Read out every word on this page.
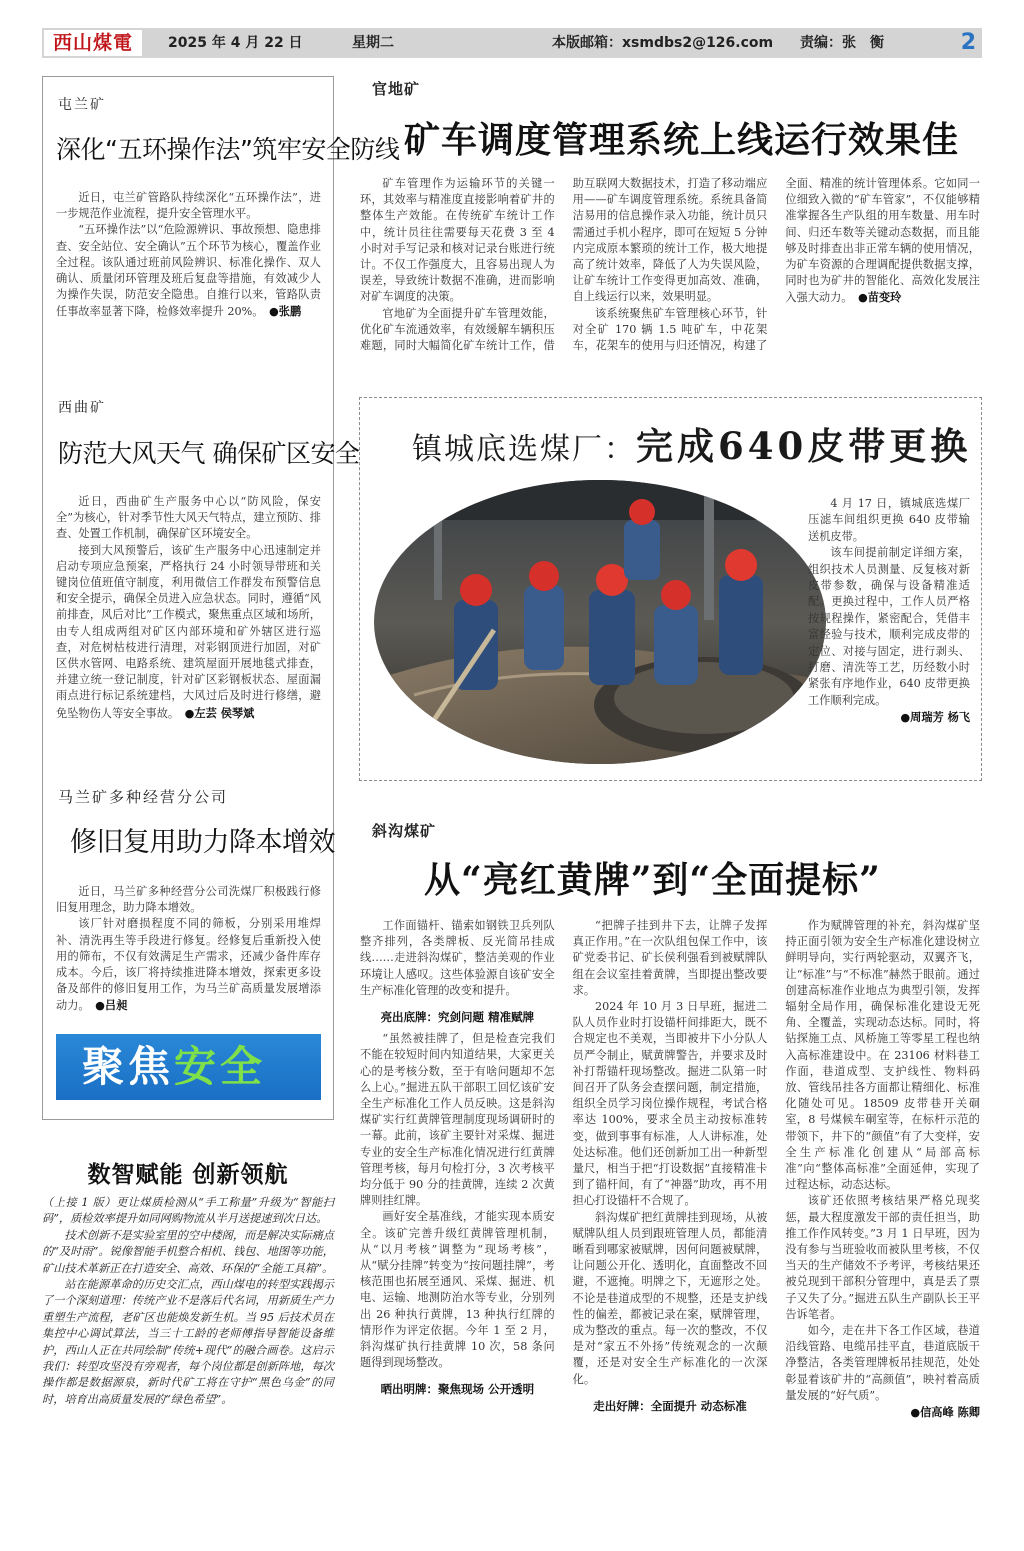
西山煤電	2025 年 4 月 22 日	星期二	本版邮箱：xsmdbs2@126.com 责编：张　衡	2
屯兰矿
深化“五环操作法”筑牢安全防线

近日，屯兰矿管路队持续深化“五环操作法”，进一步规范作业流程，提升安全管理水平。

“五环操作法”以“危险源辨识、事故预想、隐患排查、安全站位、安全确认”五个环节为核心，覆盖作业全过程。该队通过班前风险辨识、标准化操作、双人确认、质量闭环管理及班后复盘等措施，有效减少人为操作失误，防范安全隐患。自推行以来，管路队责任事故率显著下降，检修效率提升 20%。　 ●张鹏

西曲矿
防范大风天气 确保矿区安全

近日，西曲矿生产服务中心以“防风险，保安全”为核心，针对季节性大风天气特点，建立预防、排查、处置工作机制，确保矿区环境安全。

接到大风预警后，该矿生产服务中心迅速制定并启动专项应急预案，严格执行 24 小时领导带班和关键岗位值班值守制度，利用微信工作群发布预警信息和安全提示，确保全员进入应急状态。同时，遵循“风前排查，风后对比”工作模式，聚焦重点区域和场所，由专人组成两组对矿区内部环境和矿外辖区进行巡查，对危树枯枝进行清理，对彩钢顶进行加固，对矿区供水管网、电路系统、建筑屋面开展地毯式排查，并建立统一登记制度，针对矿区彩钢板状态、屋面漏雨点进行标记系统建档，大风过后及时进行修缮，避免坠物伤人等安全事故。　 ●左芸 侯琴斌

马兰矿多种经营分公司
修旧复用助力降本增效

近日，马兰矿多种经营分公司洗煤厂积极践行修旧复用理念，助力降本增效。

该厂针对磨损程度不同的筛板，分别采用堆焊补、清洗再生等手段进行修复。经修复后重新投入使用的筛布，不仅有效满足生产需求，还减少备件库存成本。今后，该厂将持续推进降本增效，探索更多设备及部件的修旧复用工作，为马兰矿高质量发展增添动力。　 ●吕昶

聚焦安全
数智赋能 创新领航

（上接 1 版）更让煤质检测从“手工称量”升级为“智能扫码”，质检效率提升如同网购物流从半月送提速到次日达。

技术创新不是实验室里的空中楼阁，而是解决实际痛点的“及时雨”。锐像智能手机整合相机、钱包、地图等功能，矿山技术革新正在打造安全、高效、环保的“全能工具箱”。

站在能源革命的历史交汇点，西山煤电的转型实践揭示了一个深刻道理：传统产业不是落后代名词，用新质生产力重塑生产流程，老矿区也能焕发新生机。当 95 后技术员在集控中心调试算法，当三十工龄的老师傅指导智能设备维护，西山人正在共同绘制“传统+现代”的融合画卷。这启示我们：转型攻坚没有旁观者，每个岗位都是创新阵地，每次操作都是数据源泉，新时代矿工将在守护“黑色乌金”的同时，培育出高质量发展的“绿色希望”。

官地矿
矿车调度管理系统上线运行效果佳

矿车管理作为运输环节的关键一环，其效率与精准度直接影响着矿井的整体生产效能。在传统矿车统计工作中，统计员往往需要每天花费 3 至 4 小时对手写记录和核对记录台账进行统计。不仅工作强度大，且容易出现人为误差，导致统计数据不准确，进而影响对矿车调度的决策。

官地矿为全面提升矿车管理效能，优化矿车流通效率，有效缓解车辆积压难题，同时大幅简化矿车统计工作，借助互联网大数据技术，打造了移动端应用——矿车调度管理系统。系统具备简洁易用的信息操作录入功能，统计员只需通过手机小程序，即可在短短 5 分钟内完成原本繁琐的统计工作，极大地提高了统计效率，降低了人为失误风险，让矿车统计工作变得更加高效、准确，自上线运行以来，效果明显。

该系统聚焦矿车管理核心环节，针对全矿 170 辆 1.5 吨矿车，中花架车，花架车的使用与归还情况，构建了全面、精准的统计管理体系。它如同一位细致入微的“矿车管家”，不仅能够精准掌握各生产队组的用车数量、用车时间、归还车数等关键动态数据，而且能够及时排查出非正常车辆的使用情况，为矿车资源的合理调配提供数据支撑，同时也为矿井的智能化、高效化发展注入强大动力。　 ●苗变玲

镇城底选煤厂：完成640皮带更换

4 月 17 日，镇城底选煤厂压滤车间组织更换 640 皮带输送机皮带。

该车间提前制定详细方案，组织技术人员测量、反复核对新皮带参数，确保与设备精准适配。更换过程中，工作人员严格按规程操作，紧密配合，凭借丰富经验与技术，顺利完成皮带的定位、对接与固定，进行剥头、打磨、清洗等工艺，历经数小时紧张有序地作业，640 皮带更换工作顺利完成。

●周瑞芳 杨飞

斜沟煤矿
从“亮红黄牌”到“全面提标”

工作面锚杆、锚索如钢铁卫兵列队整齐排列，各类牌板、反光简吊挂成线……走进斜沟煤矿，整洁美观的作业环境让人感叹。这些体验源自该矿安全生产标准化管理的改变和提升。

亮出底牌：究剑问题 精准赋牌

“虽然被挂牌了，但是检查完我们不能在较短时间内知道结果，大家更关心的是考核分数，至于有啥问题却不怎么上心。”掘进五队干部职工回忆该矿安全生产标准化工作人员反映。这是斜沟煤矿实行红黄牌管理制度现场调研时的一幕。此前，该矿主要针对采煤、掘进专业的安全生产标准化情况进行红黄牌管理考核，每月句检打分，3 次考核平均分低于 90 分的挂黄牌，连续 2 次黄牌则挂红牌。

画好安全基准线，才能实现本质安全。该矿完善升级红黄牌管理机制，从“以月考核”调整为“现场考核”，从“赋分挂牌”转变为“按问题挂牌”，考核范围也拓展至通风、采煤、掘进、机电、运输、地测防治水等专业，分别列出 26 种执行黄牌，13 种执行红牌的情形作为评定依据。今年 1 至 2 月，斜沟煤矿执行挂黄牌 10 次，58 条问题得到现场整改。

晒出明牌：聚焦现场 公开透明

“把牌子挂到井下去，让牌子发挥真正作用。”在一次队组包保工作中，该矿党委书记、矿长侯利强看到被赋牌队组在会议室挂着黄牌，当即提出整改要求。

2024 年 10 月 3 日早班，掘进二队人员作业时打设锚杆间排距大，既不合规定也不美观，当即被井下小分队人员严令制止，赋黄牌警告，并要求及时补打帮锚杆现场整改。掘进二队第一时间召开了队务会查摆问题，制定措施，组织全员学习岗位操作规程，考试合格率达 100%，要求全员主动按标准转变，做到事事有标准，人人讲标准，处处达标准。他们还创新加工出一种新型量尺，相当于把“打设数据”直接精准卡到了锚杆间，有了“神器”助攻，再不用担心打设锚杆不合规了。

斜沟煤矿把红黄牌挂到现场，从被赋牌队组人员到跟班管理人员，都能清晰看到哪家被赋牌，因何问题被赋牌，让问题公开化、透明化，直面整改不回避，不遮掩。明牌之下，无遮形之处。不论是巷道成型的不规整，还是支护线性的偏差，都被记录在案，赋牌管理，成为整改的重点。每一次的整改，不仅是对“家五不外扬”传统观念的一次颠覆，还是对安全生产标准化的一次深化。

走出好牌：全面提升 动态标准

作为赋牌管理的补充，斜沟煤矿坚持正面引领为安全生产标准化建设树立鲜明导向，实行两轮驱动，双翼齐飞，让“标准”与“不标准”赫然于眼前。通过创建高标准作业地点为典型引领，发挥辐射全局作用，确保标准化建设无死角、全覆盖，实现动态达标。同时，将钻探施工点、风桥施工等零星工程也纳入高标准建设中。在 23106 材料巷工作面，巷道成型、支护线性、物料码放、管线吊挂各方面都让精细化、标准化随处可见。18509 皮带巷开关硐室，8 号煤候车硐室等，在标杆示范的带领下，井下的“颜值”有了大变样，安全生产标准化创建从“局部高标准”向“整体高标准”全面延伸，实现了过程达标，动态达标。

该矿还依照考核结果严格兑现奖惩，最大程度激发干部的责任担当，助推工作作风转变。”3 月 1 日早班，因为没有参与当班验收而被队里考核，不仅当天的生产储效不予考评，考核结果还被兑现到干部积分管理中，真是丢了票子又失了分。”掘进五队生产副队长王平告诉笔者。

如今，走在井下各工作区域，巷道沿线管路、电缆吊挂平直，巷道底版干净整洁，各类管理牌板吊挂规范，处处彰显着该矿井的“高颜值”，映衬着高质量发展的“好气质”。

●信高峰 陈卿
